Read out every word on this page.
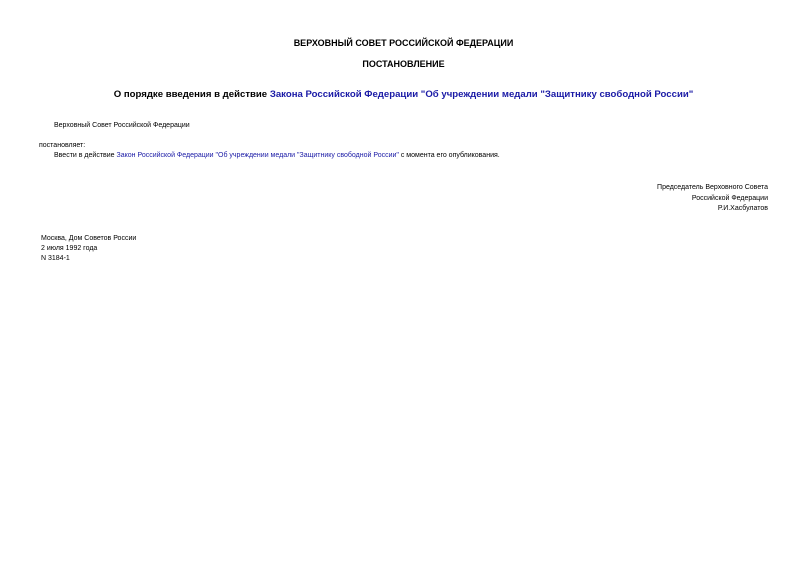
ВЕРХОВНЫЙ СОВЕТ РОССИЙСКОЙ ФЕДЕРАЦИИ
ПОСТАНОВЛЕНИЕ
О порядке введения в действие Закона Российской Федерации "Об учреждении медали "Защитнику свободной России"
Верховный Совет Российской Федерации
постановляет:
Ввести в действие Закон Российской Федерации "Об учреждении медали "Защитнику свободной России" с момента его опубликования.
Председатель Верховного Совета
Российской Федерации
Р.И.Хасбулатов
Москва, Дом Советов России
2 июля 1992 года
N 3184-1
